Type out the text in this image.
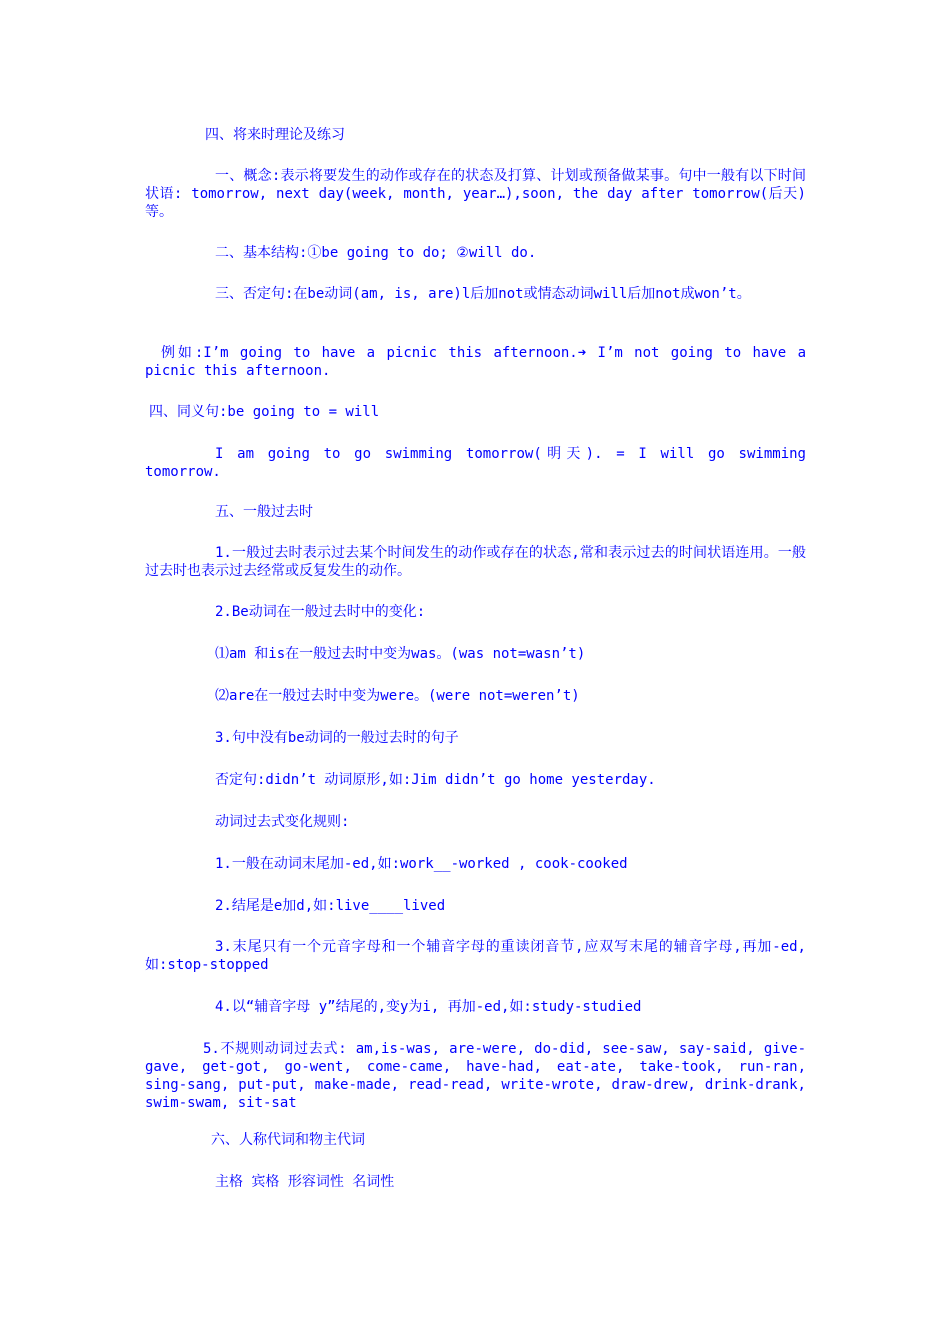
四、将来时理论及练习
一、概念:表示将要发生的动作或存在的状态及打算、计划或预备做某事。句中一般有以下时间状语: tomorrow, next day(week, month, year…),soon, the day after tomorrow(后天)等。
二、基本结构:①be going to do; ②will do.
三、否定句:在be动词(am, is, are)l后加not或情态动词will后加not成won’t。
例如:I’m going to have a picnic this afternoon.➜ I’m not going to have a picnic this afternoon.
四、同义句:be going to = will
I am going to go swimming tomorrow(明天). = I will go swimming tomorrow.
五、一般过去时
1.一般过去时表示过去某个时间发生的动作或存在的状态,常和表示过去的时间状语连用。一般过去时也表示过去经常或反复发生的动作。
2.Be动词在一般过去时中的变化:
⑴am 和is在一般过去时中变为was。(was not=wasn’t)
⑵are在一般过去时中变为were。(were not=weren’t)
3.句中没有be动词的一般过去时的句子
否定句:didn’t 动词原形,如:Jim didn’t go home yesterday.
动词过去式变化规则:
1.一般在动词末尾加-ed,如:work__-worked , cook-cooked
2.结尾是e加d,如:live____lived
3.末尾只有一个元音字母和一个辅音字母的重读闭音节,应双写末尾的辅音字母,再加-ed,如:stop-stopped
4.以“辅音字母 y”结尾的,变y为i, 再加-ed,如:study-studied
5.不规则动词过去式: am,is-was, are-were, do-did, see-saw, say-said, give-gave, get-got, go-went, come-came, have-had, eat-ate, take-took, run-ran, sing-sang, put-put, make-made, read-read, write-wrote, draw-drew, drink-drank, swim-swam, sit-sat
六、人称代词和物主代词
主格 宾格 形容词性 名词性
